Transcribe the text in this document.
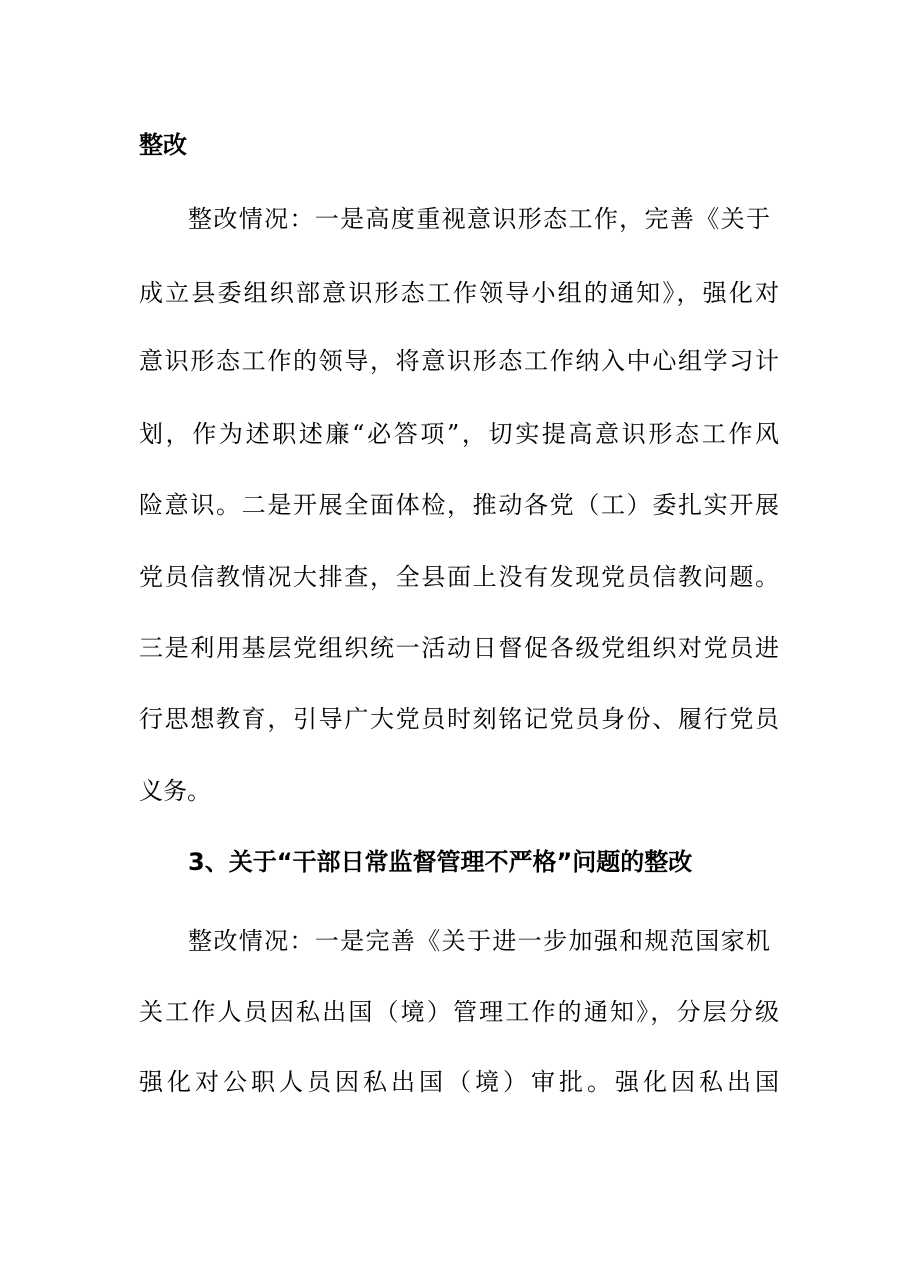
整改
整改情况：一是高度重视意识形态工作，完善《关于
成立县委组织部意识形态工作领导小组的通知》，强化对
意识形态工作的领导，将意识形态工作纳入中心组学习计
划，作为述职述廉“必答项”，切实提高意识形态工作风
险意识。二是开展全面体检，推动各党（工）委扎实开展
党员信教情况大排查，全县面上没有发现党员信教问题。
三是利用基层党组织统一活动日督促各级党组织对党员进
行思想教育，引导广大党员时刻铭记党员身份、履行党员
义务。
3、关于“干部日常监督管理不严格”问题的整改
整改情况：一是完善《关于进一步加强和规范国家机
关工作人员因私出国（境）管理工作的通知》，分层分级
强化对公职人员因私出国（境）审批。强化因私出国
